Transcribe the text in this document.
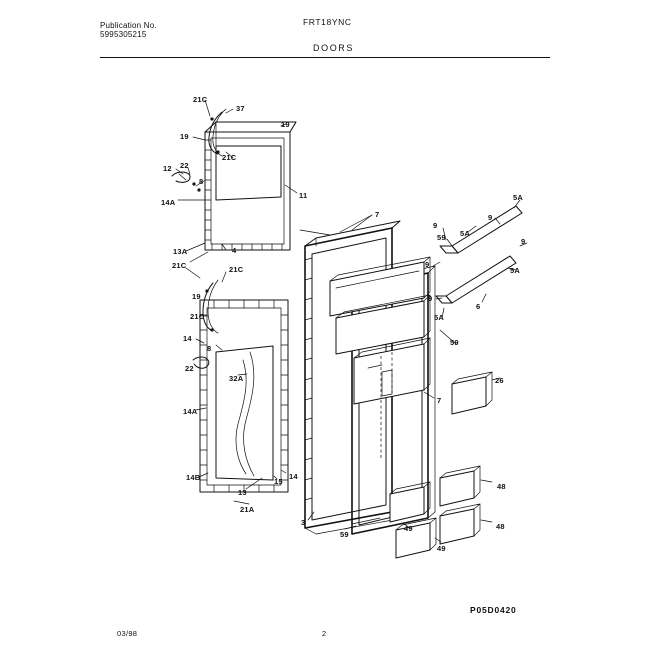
Publication No.
5995305215
FRT18YNC
DOORS
21C
37
19
19
21C
12 22
8
11
14A
7
5A
9
9
5A
59	9
13A	4
9
5A
21C	21C
9
6
19
21C	5A
14	59
8
22
32A	26
7
14A
14B	14
15
48
13
21A
48
3
59
49
49
P05D0420
03/98	2
